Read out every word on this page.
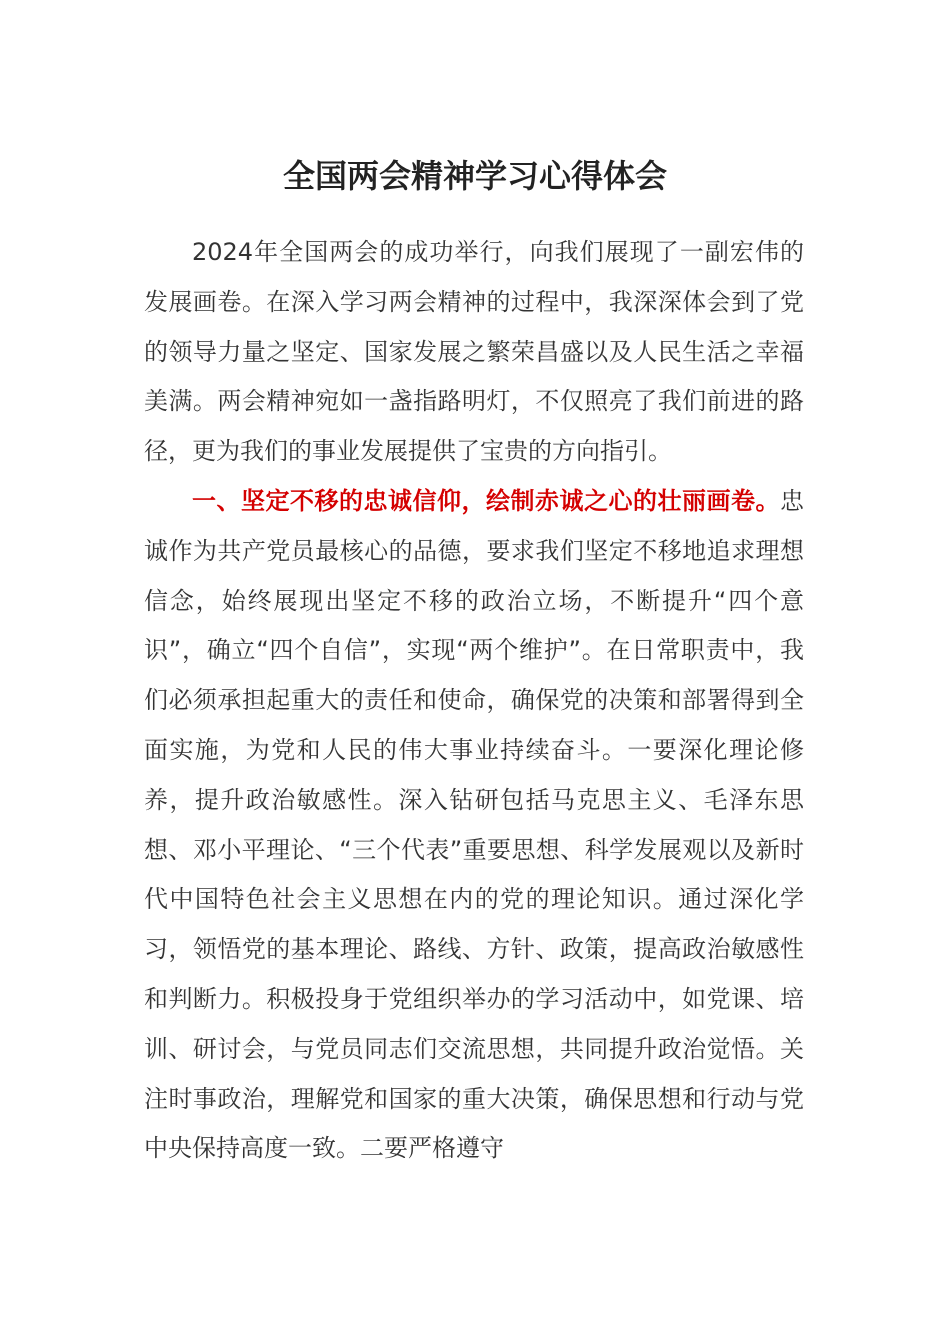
全国两会精神学习心得体会

2024年全国两会的成功举行，向我们展现了一副宏伟的发展画卷。在深入学习两会精神的过程中，我深深体会到了党的领导力量之坚定、国家发展之繁荣昌盛以及人民生活之幸福美满。两会精神宛如一盏指路明灯，不仅照亮了我们前进的路径，更为我们的事业发展提供了宝贵的方向指引。

一、坚定不移的忠诚信仰，绘制赤诚之心的壮丽画卷。忠诚作为共产党员最核心的品德，要求我们坚定不移地追求理想信念，始终展现出坚定不移的政治立场，不断提升“四个意识”，确立“四个自信”，实现“两个维护”。在日常职责中，我们必须承担起重大的责任和使命，确保党的决策和部署得到全面实施，为党和人民的伟大事业持续奋斗。一要深化理论修养，提升政治敏感性。深入钻研包括马克思主义、毛泽东思想、邓小平理论、“三个代表”重要思想、科学发展观以及新时代中国特色社会主义思想在内的党的理论知识。通过深化学习，领悟党的基本理论、路线、方针、政策，提高政治敏感性和判断力。积极投身于党组织举办的学习活动中，如党课、培训、研讨会，与党员同志们交流思想，共同提升政治觉悟。关注时事政治，理解党和国家的重大决策，确保思想和行动与党中央保持高度一致。二要严格遵守
